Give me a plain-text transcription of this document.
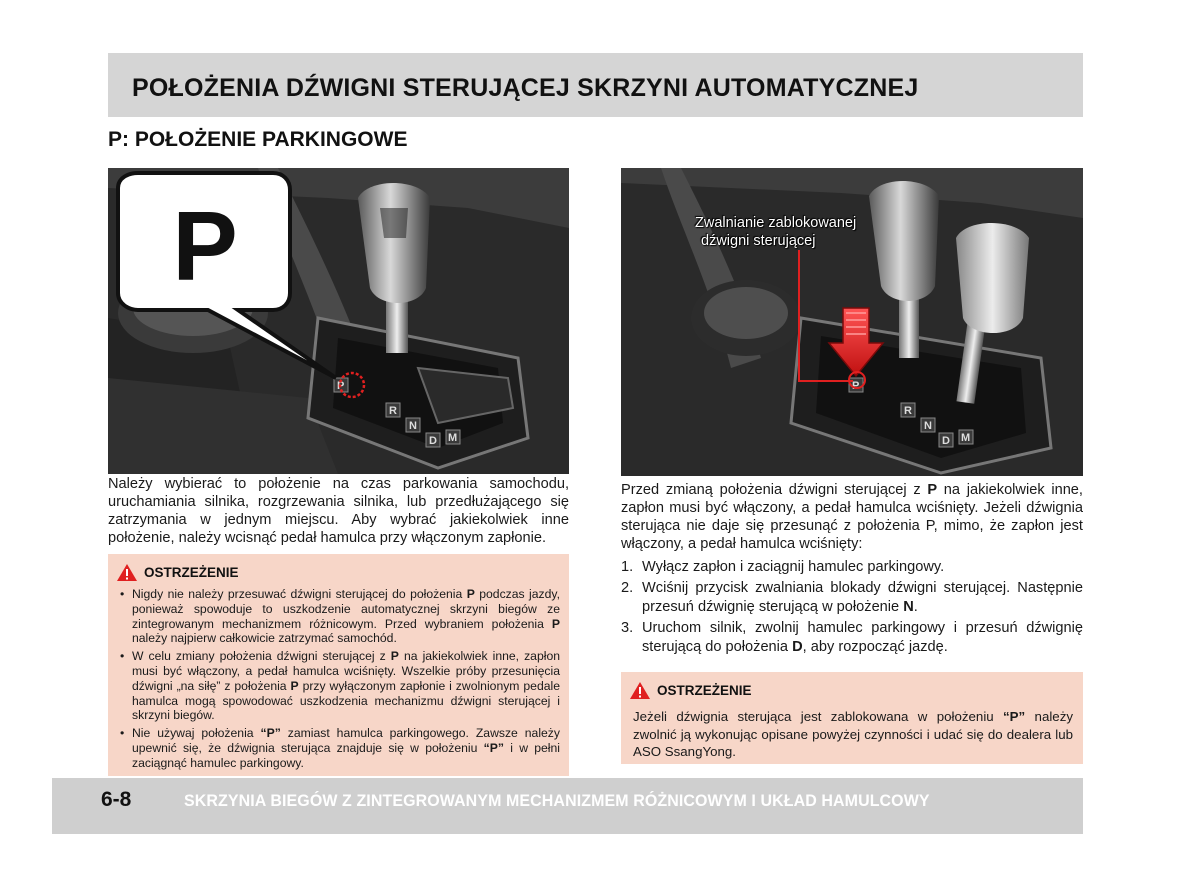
POŁOŻENIA DŹWIGNI STERUJĄCEJ SKRZYNI AUTOMATYCZNEJ
P: POŁOŻENIE PARKINGOWE
P
R
N
D M
P
P
R
N
D M
Zwalnianie zablokowanej
dźwigni sterującej

Należy wybierać to położenie na czas parkowania samochodu, uruchamiania silnika, rozgrzewania silnika, lub przedłużającego się zatrzymania w jednym miejscu. Aby wybrać jakiekolwiek inne położenie, należy wcisnąć pedał hamulca przy włączonym zapłonie.

OSTRZEŻENIE
• Nigdy nie należy przesuwać dźwigni sterującej do położenia P podczas jazdy, ponieważ spowoduje to uszkodzenie automatycznej skrzyni biegów ze zintegrowanym mechanizmem różnicowym. Przed wybraniem położenia P należy najpierw całkowicie zatrzymać samochód.
• W celu zmiany położenia dźwigni sterującej z P na jakiekolwiek inne, zapłon musi być włączony, a pedał hamulca wciśnięty. Wszelkie próby przesunięcia dźwigni „na siłę” z położenia P przy wyłączonym zapłonie i zwolnionym pedale hamulca mogą spowodować uszkodzenia mechanizmu dźwigni sterującej i skrzyni biegów.
• Nie używaj położenia “P” zamiast hamulca parkingowego. Zawsze należy upewnić się, że dźwignia sterująca znajduje się w położeniu “P” i w pełni zaciągnąć hamulec parkingowy.

Przed zmianą położenia dźwigni sterującej z P na jakiekolwiek inne, zapłon musi być włączony, a pedał hamulca wciśnięty. Jeżeli dźwignia sterująca nie daje się przesunąć z położenia P, mimo, że zapłon jest włączony, a pedał hamulca wciśnięty:

1. Wyłącz zapłon i zaciągnij hamulec parkingowy.
2. Wciśnij przycisk zwalniania blokady dźwigni sterującej. Następnie przesuń dźwignię sterującą w położenie N.
3. Uruchom silnik, zwolnij hamulec parkingowy i przesuń dźwignię sterującą do położenia D, aby rozpocząć jazdę.
OSTRZEŻENIE

Jeżeli dźwignia sterująca jest zablokowana w położeniu “P” należy zwolnić ją wykonując opisane powyżej czynności i udać się do dealera lub ASO SsangYong.

6-8	SKRZYNIA BIEGÓW Z ZINTEGROWANYM MECHANIZMEM RÓŻNICOWYM I UKŁAD HAMULCOWY
